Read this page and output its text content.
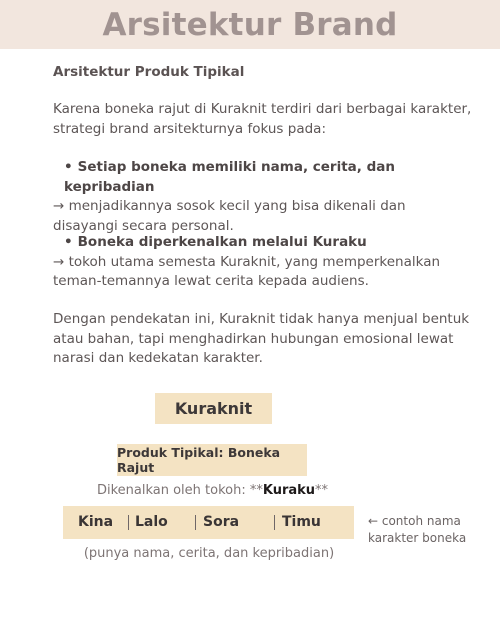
Arsitektur Brand
Arsitektur Produk Tipikal
Karena boneka rajut di Kuraknit terdiri dari berbagai karakter, strategi brand arsitekturnya fokus pada:
• Setiap boneka memiliki nama, cerita, dan kepribadian
→ menjadikannya sosok kecil yang bisa dikenali dan disayangi secara personal.
• Boneka diperkenalkan melalui Kuraku
→ tokoh utama semesta Kuraknit, yang memperkenalkan teman-temannya lewat cerita kepada audiens.
Dengan pendekatan ini, Kuraknit tidak hanya menjual bentuk atau bahan, tapi menghadirkan hubungan emosional lewat narasi dan kedekatan karakter.
Kuraknit
Produk Tipikal: Boneka Rajut
Dikenalkan oleh tokoh: **Kuraku**
Kina Lalo	Sora	Timu	← contoh nama karakter boneka
(punya nama, cerita, dan kepribadian)
